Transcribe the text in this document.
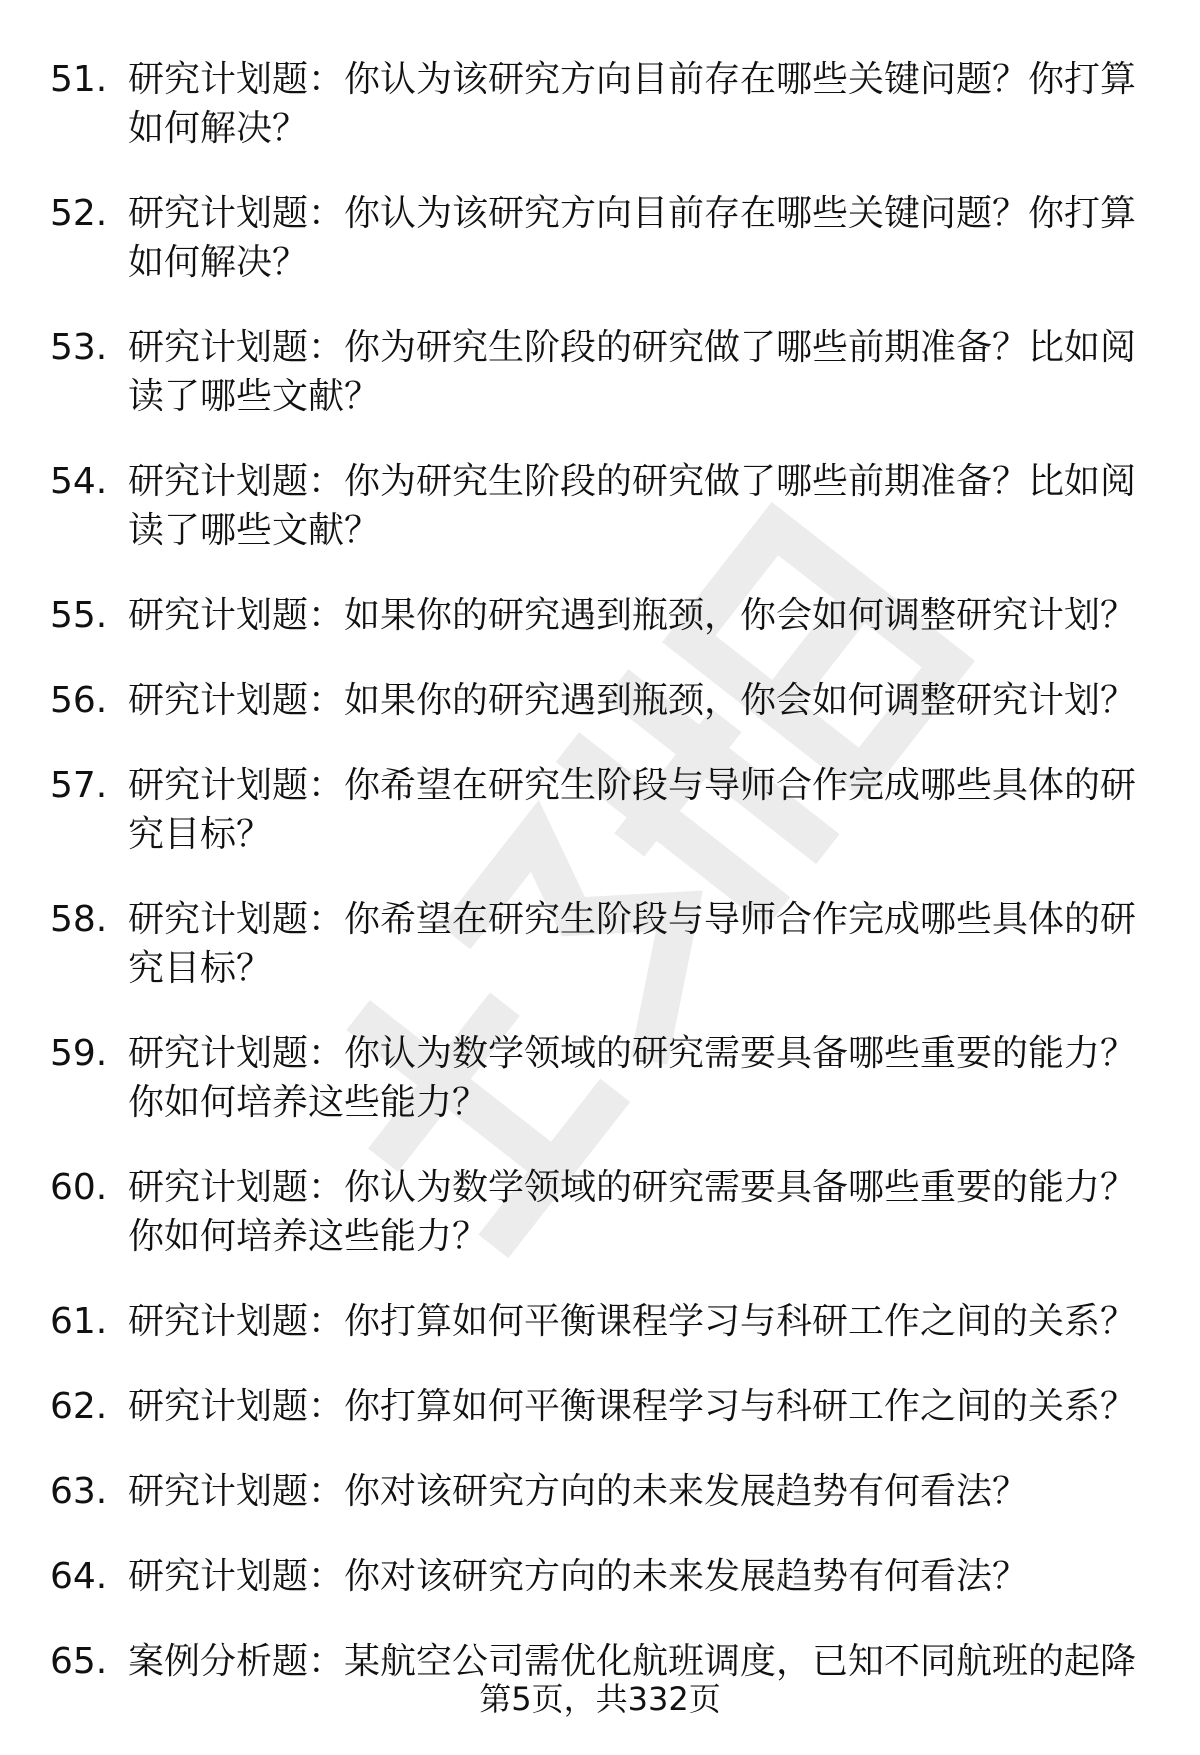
51. 研究计划题：你认为该研究方向目前存在哪些关键问题？你打算如何解决？
52. 研究计划题：你认为该研究方向目前存在哪些关键问题？你打算如何解决？
53. 研究计划题：你为研究生阶段的研究做了哪些前期准备？比如阅读了哪些文献？
54. 研究计划题：你为研究生阶段的研究做了哪些前期准备？比如阅读了哪些文献？
55. 研究计划题：如果你的研究遇到瓶颈，你会如何调整研究计划？
56. 研究计划题：如果你的研究遇到瓶颈，你会如何调整研究计划？
57. 研究计划题：你希望在研究生阶段与导师合作完成哪些具体的研究目标？
58. 研究计划题：你希望在研究生阶段与导师合作完成哪些具体的研究目标？
59. 研究计划题：你认为数学领域的研究需要具备哪些重要的能力？你如何培养这些能力？
60. 研究计划题：你认为数学领域的研究需要具备哪些重要的能力？你如何培养这些能力？
61. 研究计划题：你打算如何平衡课程学习与科研工作之间的关系？
62. 研究计划题：你打算如何平衡课程学习与科研工作之间的关系？
63. 研究计划题：你对该研究方向的未来发展趋势有何看法？
64. 研究计划题：你对该研究方向的未来发展趋势有何看法？
65. 案例分析题：某航空公司需优化航班调度，已知不同航班的起降
第5页，共332页
